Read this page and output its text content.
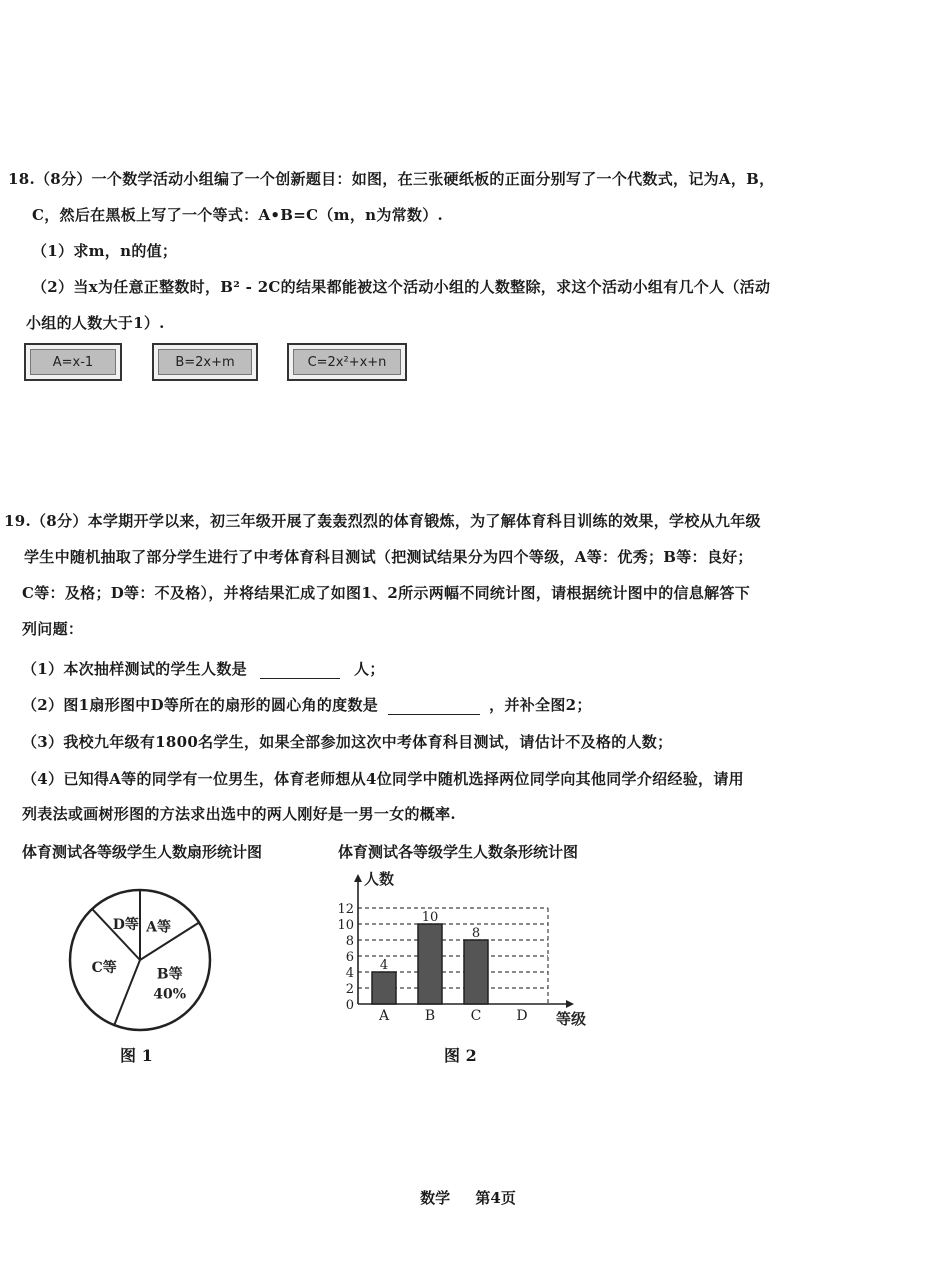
18.（8分）一个数学活动小组编了一个创新题目：如图，在三张硬纸板的正面分别写了一个代数式，记为A，B，
C，然后在黑板上写了一个等式：A•B=C（m，n为常数）.
（1）求m，n的值；
（2）当x为任意正整数时，B² - 2C的结果都能被这个活动小组的人数整除，求这个活动小组有几个人（活动
小组的人数大于1）.
A=x-1	B=2x+m	C=2x²+x+n
19.（8分）本学期开学以来，初三年级开展了轰轰烈烈的体育锻炼，为了解体育科目训练的效果，学校从九年级
学生中随机抽取了部分学生进行了中考体育科目测试（把测试结果分为四个等级，A等：优秀；B等：良好；
C等：及格；D等：不及格），并将结果汇成了如图1、2所示两幅不同统计图，请根据统计图中的信息解答下
列问题：
（1）本次抽样测试的学生人数是	人；
（2）图1扇形图中D等所在的扇形的圆心角的度数是	，并补全图2；
（3）我校九年级有1800名学生，如果全部参加这次中考体育科目测试，请估计不及格的人数；
（4）已知得A等的同学有一位男生，体育老师想从4位同学中随机选择两位同学向其他同学介绍经验，请用
列表法或画树形图的方法求出选中的两人刚好是一男一女的概率.
体育测试各等级学生人数扇形统计图	体育测试各等级学生人数条形统计图
A等
B等
40%
C等
D等
0
2
4
6
8
10
12
人数
等级
4
A
10
B
8
C	D
图 1	图 2
数学 第4页
